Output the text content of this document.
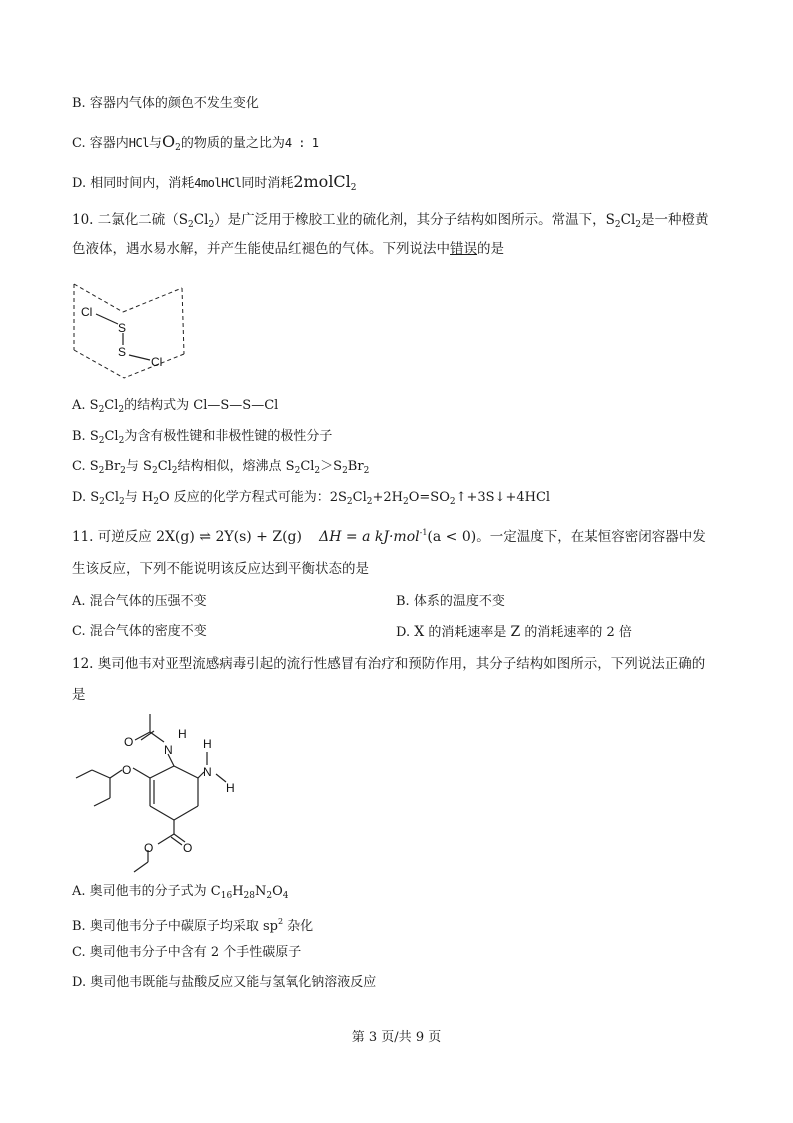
B. 容器内气体的颜色不发生变化
C. 容器内HCl与$O_2$的物质的量之比为4 : 1
D. 相同时间内，消耗4molHCl同时消耗2molCl$_2$
10. 二氯化二硫$(S_2Cl_2)$是广泛用于橡胶工业的硫化剂，其分子结构如图所示。常温下，$S_2Cl_2$是一种橙黄
色液体，遇水易水解，并产生能使品红褪色的气体。下列说法中错误的是
Cl
S
S
Cl
A. $S_2Cl_2$的结构式为 Cl—S—S—Cl
B. $S_2Cl_2$为含有极性键和非极性键的极性分子
C. $S_2Br_2$与 $S_2Cl_2$结构相似，熔沸点 $S_2Cl_2>S_2Br_2$
D. $S_2Cl_2$与 $H_2O$ 反应的化学方程式可能为：$2S_2Cl_2+2H_2O=SO_2↑+3S↓+4HCl$
11. 可逆反应 2X(g) ⇌ 2Y(s) + Z(g) ΔH = a kJ·mol$^{-1}$(a < 0)。一定温度下，在某恒容密闭容器中发
生该反应，下列不能说明该反应达到平衡状态的是
A. 混合气体的压强不变	B. 体系的温度不变
C. 混合气体的密度不变	D. X 的消耗速率是 Z 的消耗速率的 2 倍
12. 奥司他韦对亚型流感病毒引起的流行性感冒有治疗和预防作用，其分子结构如图所示，下列说法正确的
是
H
N	H
N
H
O
O
O
O
A. 奥司他韦的分子式为 $C_{16}H_{28}N_2O_4$
B. 奥司他韦分子中碳原子均采取 $sp^2$ 杂化
C. 奥司他韦分子中含有 2 个手性碳原子
D. 奥司他韦既能与盐酸反应又能与氢氧化钠溶液反应
第 3 页/共 9 页
